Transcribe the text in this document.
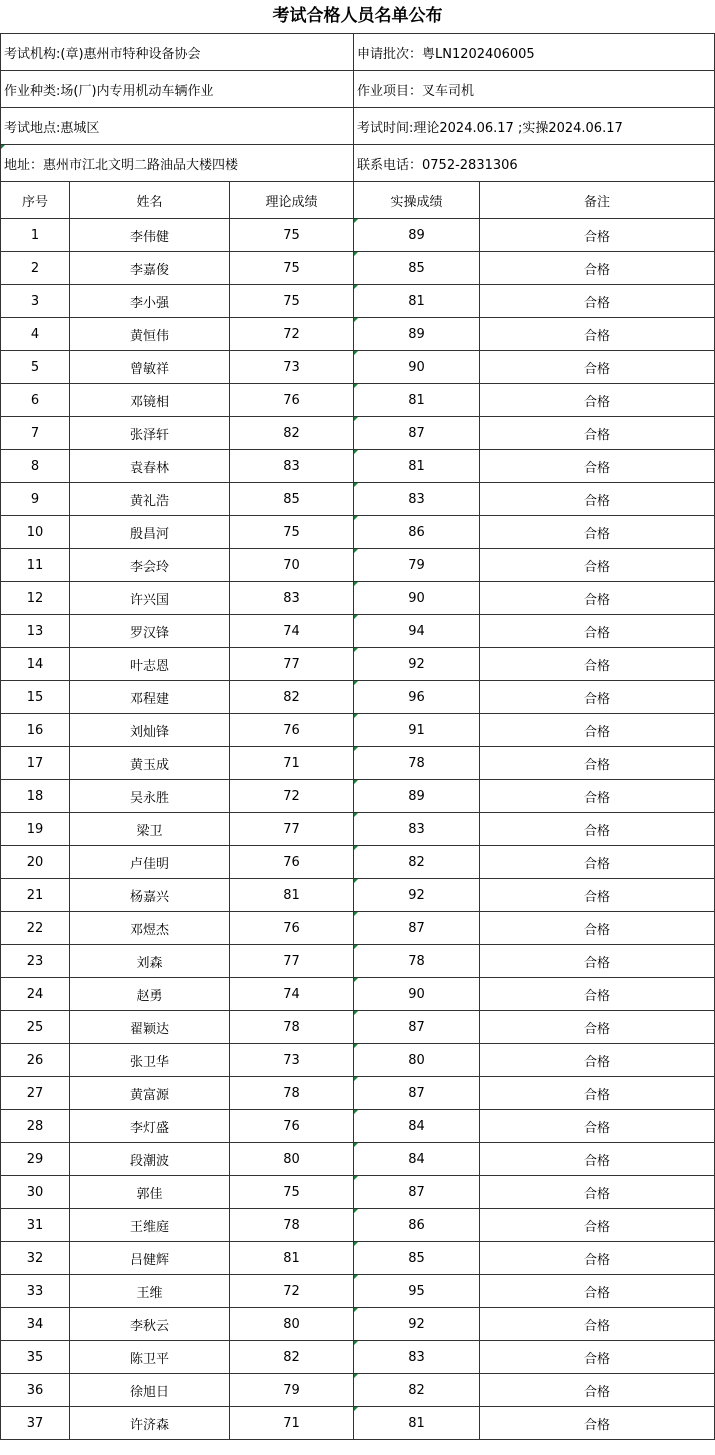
考试合格人员名单公布
考试机构:(章)惠州市特种设备协会			申请批次：粤LN1202406005	
作业种类:场(厂)内专用机动车辆作业			作业项目：叉车司机	
考试地点:惠城区			考试时间:理论2024.06.17 ;实操2024.06.17	
地址：惠州市江北文明二路油品大楼四楼			联系电话：0752-2831306	
序号	姓名	理论成绩	实操成绩	备注
1	李伟健	75	89	合格
2	李嘉俊	75	85	合格
3	李小强	75	81	合格
4	黄恒伟	72	89	合格
5	曾敏祥	73	90	合格
6	邓镜相	76	81	合格
7	张泽轩	82	87	合格
8	袁春林	83	81	合格
9	黄礼浩	85	83	合格
10	殷昌河	75	86	合格
11	李会玲	70	79	合格
12	许兴国	83	90	合格
13	罗汉锋	74	94	合格
14	叶志恩	77	92	合格
15	邓程建	82	96	合格
16	刘灿锋	76	91	合格
17	黄玉成	71	78	合格
18	吴永胜	72	89	合格
19	梁卫	77	83	合格
20	卢佳明	76	82	合格
21	杨嘉兴	81	92	合格
22	邓煜杰	76	87	合格
23	刘森	77	78	合格
24	赵勇	74	90	合格
25	翟颖达	78	87	合格
26	张卫华	73	80	合格
27	黄富源	78	87	合格
28	李灯盛	76	84	合格
29	段潮波	80	84	合格
30	郭佳	75	87	合格
31	王维庭	78	86	合格
32	吕健辉	81	85	合格
33	王维	72	95	合格
34	李秋云	80	92	合格
35	陈卫平	82	83	合格
36	徐旭日	79	82	合格
37	许济森	71	81	合格
